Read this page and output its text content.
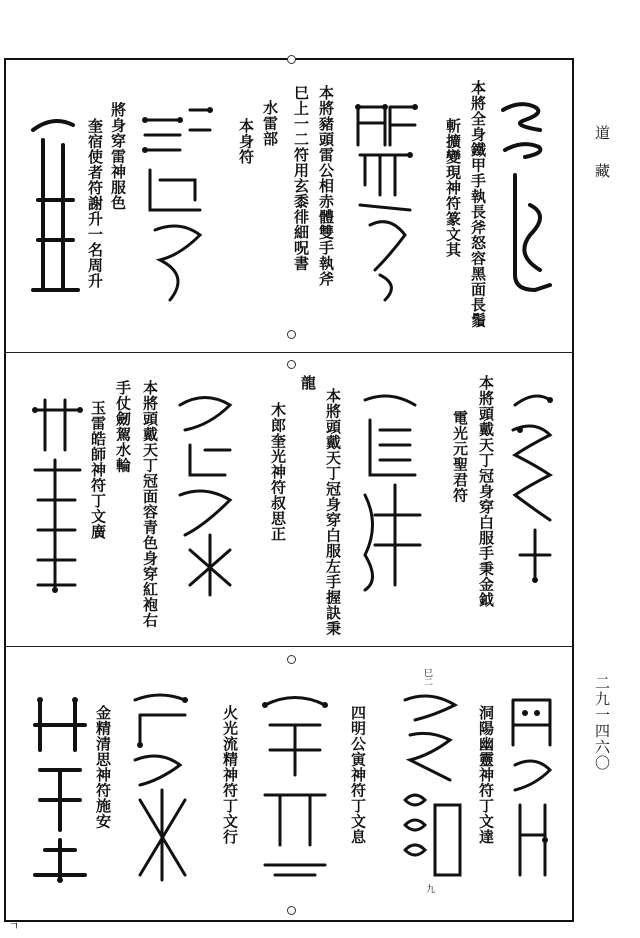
道　藏
二九一四六〇
本將全身鐵甲手執長斧怒容黑面長鬚
斬擴變現神符篆文其
本將豬頭雷公相赤體雙手執斧
巳上一二符用玄黍徘細呪書
水雷部
本身符
將身穿雷神服色
奎宿使者符謝升一名周升
本將頭戴天丁冠身穿白服手秉金鉞
電光元聖君符
龍
本將頭戴天丁冠身穿白服左手握訣秉
木郎奎光神符叔思正
本將頭戴天丁冠面容青色身穿紅袍右
手仗劒駕水輪
玉雷皓師神符丁文廣
洞陽幽靈神符丁文達
巳二
九
四明公寅神符丁文息
火光流精神符丁文行
金精清思神符施安
ㄱ
